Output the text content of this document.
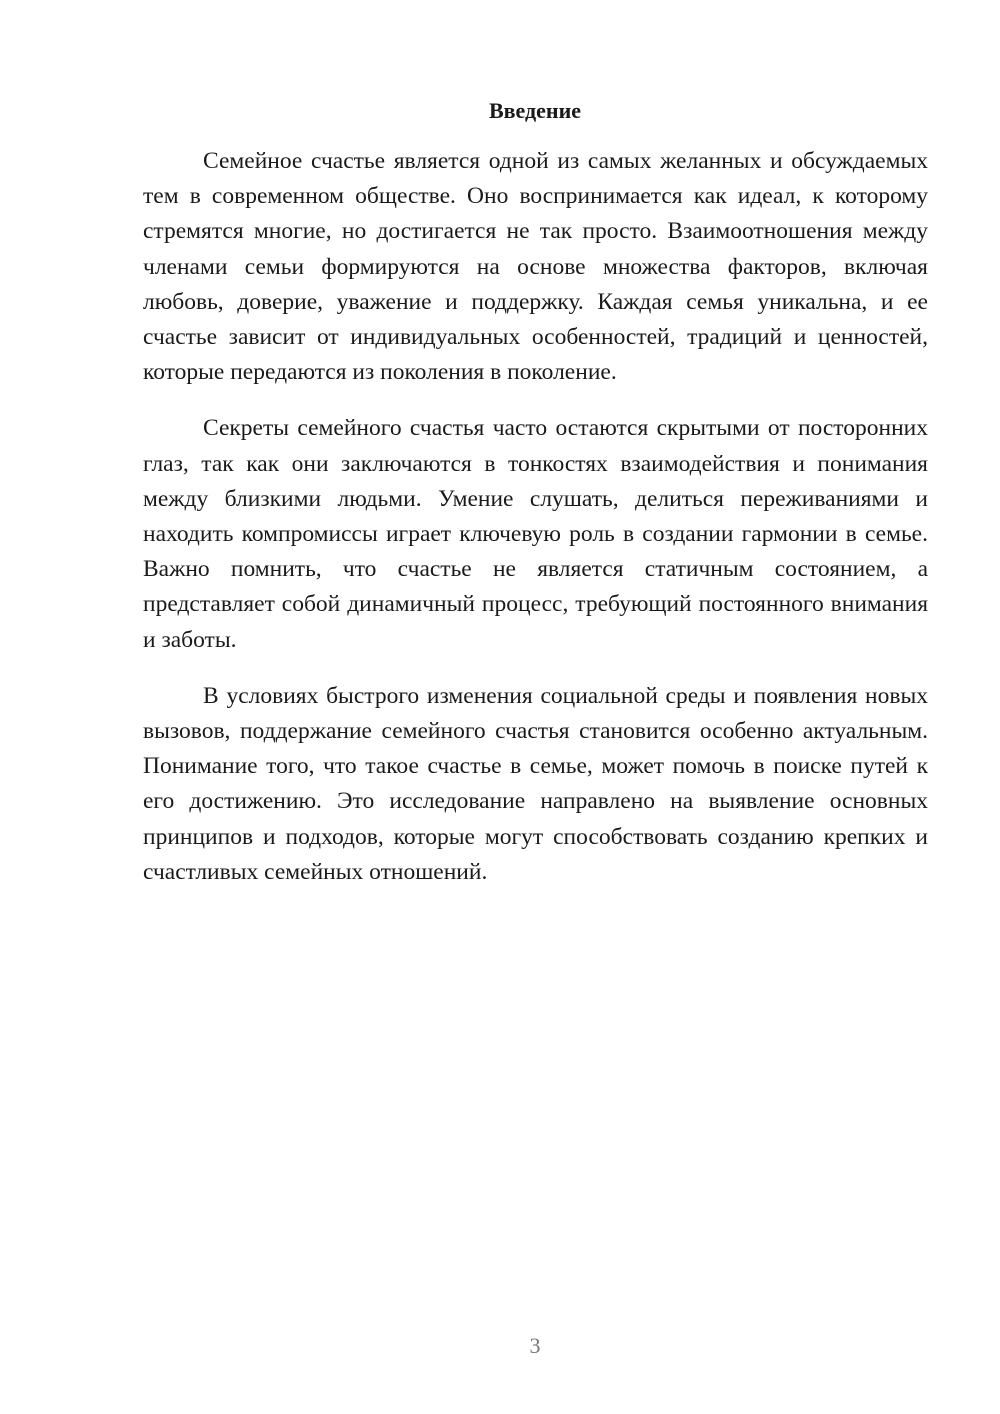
Введение

Семейное счастье является одной из самых желанных и обсуждаемых тем в современном обществе. Оно воспринимается как идеал, к которому стремятся многие, но достигается не так просто. Взаимоотношения между членами семьи формируются на основе множества факторов, включая любовь, доверие, уважение и поддержку. Каждая семья уникальна, и ее счастье зависит от индивидуальных особенностей, традиций и ценностей, которые передаются из поколения в поколение.

Секреты семейного счастья часто остаются скрытыми от посторонних глаз, так как они заключаются в тонкостях взаимодействия и понимания между близкими людьми. Умение слушать, делиться переживаниями и находить компромиссы играет ключевую роль в создании гармонии в семье. Важно помнить, что счастье не является статичным состоянием, а представляет собой динамичный процесс, требующий постоянного внимания и заботы.

В условиях быстрого изменения социальной среды и появления новых вызовов, поддержание семейного счастья становится особенно актуальным. Понимание того, что такое счастье в семье, может помочь в поиске путей к его достижению. Это исследование направлено на выявление основных принципов и подходов, которые могут способствовать созданию крепких и счастливых семейных отношений.

3
